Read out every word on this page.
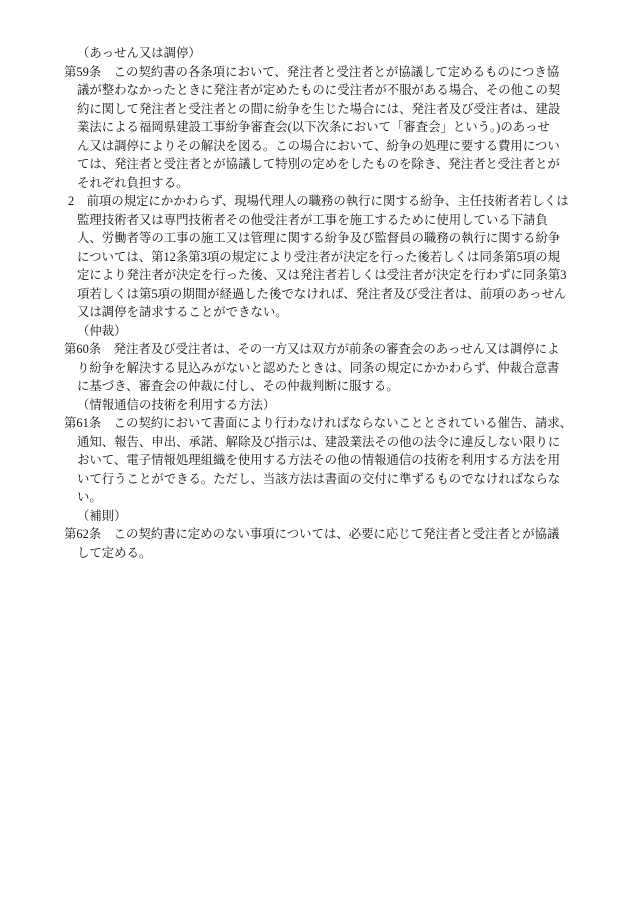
（あっせん又は調停）
第59条　この契約書の各条項において、発注者と受注者とが協議して定めるものにつき協
議が整わなかったときに発注者が定めたものに受注者が不服がある場合、その他この契
約に関して発注者と受注者との間に紛争を生じた場合には、発注者及び受注者は、建設
業法による福岡県建設工事紛争審査会(以下次条において「審査会」という。)のあっせ
ん又は調停によりその解決を図る。この場合において、紛争の処理に要する費用につい
ては、発注者と受注者とが協議して特別の定めをしたものを除き、発注者と受注者とが
それぞれ負担する。
2　前項の規定にかかわらず、現場代理人の職務の執行に関する紛争、主任技術者若しくは
監理技術者又は専門技術者その他受注者が工事を施工するために使用している下請負
人、労働者等の工事の施工又は管理に関する紛争及び監督員の職務の執行に関する紛争
については、第12条第3項の規定により受注者が決定を行った後若しくは同条第5項の規
定により発注者が決定を行った後、又は発注者若しくは受注者が決定を行わずに同条第3
項若しくは第5項の期間が経過した後でなければ、発注者及び受注者は、前項のあっせん
又は調停を請求することができない。
（仲裁）
第60条　発注者及び受注者は、その一方又は双方が前条の審査会のあっせん又は調停によ
り紛争を解決する見込みがないと認めたときは、同条の規定にかかわらず、仲裁合意書
に基づき、審査会の仲裁に付し、その仲裁判断に服する。
（情報通信の技術を利用する方法）
第61条　この契約において書面により行わなければならないこととされている催告、請求、
通知、報告、申出、承諾、解除及び指示は、建設業法その他の法令に違反しない限りに
おいて、電子情報処理組織を使用する方法その他の情報通信の技術を利用する方法を用
いて行うことができる。ただし、当該方法は書面の交付に準ずるものでなければならな
い。
（補則）
第62条　この契約書に定めのない事項については、必要に応じて発注者と受注者とが協議
して定める。
